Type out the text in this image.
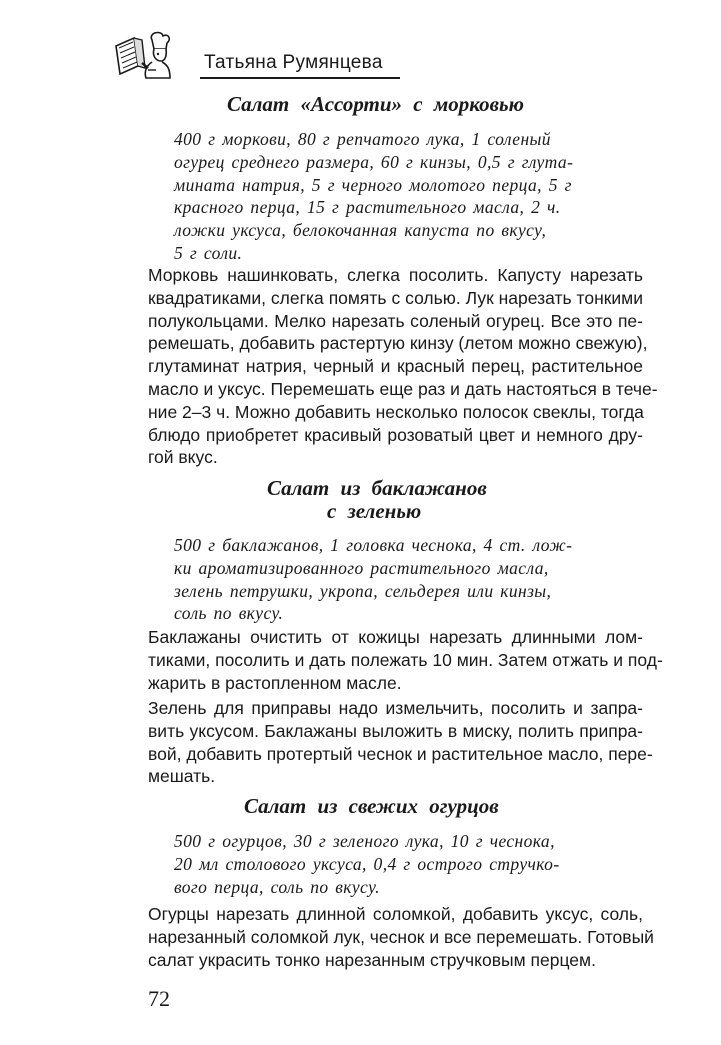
Татьяна Румянцева
Салат «Ассорти» с морковью
400 г моркови, 80 г репчатого лука, 1 соленый
огурец среднего размера, 60 г кинзы, 0,5 г глута-
мината натрия, 5 г черного молотого перца, 5 г
красного перца, 15 г растительного масла, 2 ч.
ложки уксуса, белокочанная капуста по вкусу,
5 г соли.
Морковь нашинковать, слегка посолить. Капусту нарезать
квадратиками, слегка помять с солью. Лук нарезать тонкими
полукольцами. Мелко нарезать соленый огурец. Все это пе-
ремешать, добавить растертую кинзу (летом можно свежую),
глутаминат натрия, черный и красный перец, растительное
масло и уксус. Перемешать еще раз и дать настояться в тече-
ние 2–3 ч. Можно добавить несколько полосок свеклы, тогда
блюдо приобретет красивый розоватый цвет и немного дру-
гой вкус.
Салат из баклажанов
с зеленью
500 г баклажанов, 1 головка чеснока, 4 ст. лож-
ки ароматизированного растительного масла,
зелень петрушки, укропа, сельдерея или кинзы,
соль по вкусу.
Баклажаны очистить от кожицы нарезать длинными лом-
тиками, посолить и дать полежать 10 мин. Затем отжать и под-
жарить в растопленном масле.
Зелень для приправы надо измельчить, посолить и запра-
вить уксусом. Баклажаны выложить в миску, полить припра-
вой, добавить протертый чеснок и растительное масло, пере-
мешать.
Салат из свежих огурцов
500 г огурцов, 30 г зеленого лука, 10 г чеснока,
20 мл столового уксуса, 0,4 г острого стручко-
вого перца, соль по вкусу.
Огурцы нарезать длинной соломкой, добавить уксус, соль,
нарезанный соломкой лук, чеснок и все перемешать. Готовый
салат украсить тонко нарезанным стручковым перцем.
72
